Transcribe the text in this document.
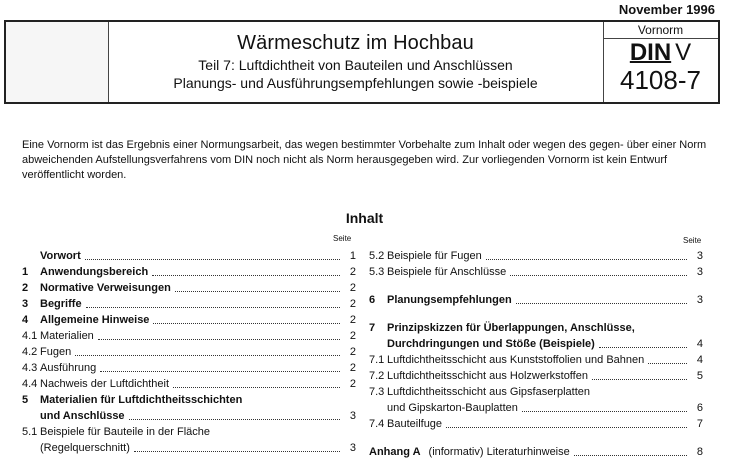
November 1996
Wärmeschutz im Hochbau
Teil 7: Luftdichtheit von Bauteilen und Anschlüssen
Planungs- und Ausführungsempfehlungen sowie -beispiele
Vornorm
DIN V
4108-7
Eine Vornorm ist das Ergebnis einer Normungsarbeit, das wegen bestimmter Vorbehalte zum Inhalt oder wegen des gegen- über einer Norm abweichenden Aufstellungsverfahrens vom DIN noch nicht als Norm herausgegeben wird. Zur vorliegenden Vornorm ist kein Entwurf veröffentlicht worden.
Inhalt
Seite	Seite
Vorwort	1
1	Anwendungsbereich	2
2	Normative Verweisungen	2
3	Begriffe	2
4	Allgemeine Hinweise	2
4.1 Materialien	2
4.2 Fugen	2
4.3 Ausführung	2
4.4 Nachweis der Luftdichtheit	2
5	Materialien für Luftdichtheitsschichten
und Anschlüsse	3
5.1 Beispiele für Bauteile in der Fläche
(Regelquerschnitt)	3
5.2 Beispiele für Fugen	3
5.3 Beispiele für Anschlüsse	3
6	Planungsempfehlungen	3
7	Prinzipskizzen für Überlappungen, Anschlüsse,
Durchdringungen und Stöße (Beispiele)	4
7.1 Luftdichtheitsschicht aus Kunststoffolien und Bahnen	4
7.2 Luftdichtheitsschicht aus Holzwerkstoffen	5
7.3 Luftdichtheitsschicht aus Gipsfaserplatten
und Gipskarton-Bauplatten	6
7.4 Bauteilfuge	7
Anhang A (informativ) Literaturhinweise	8
